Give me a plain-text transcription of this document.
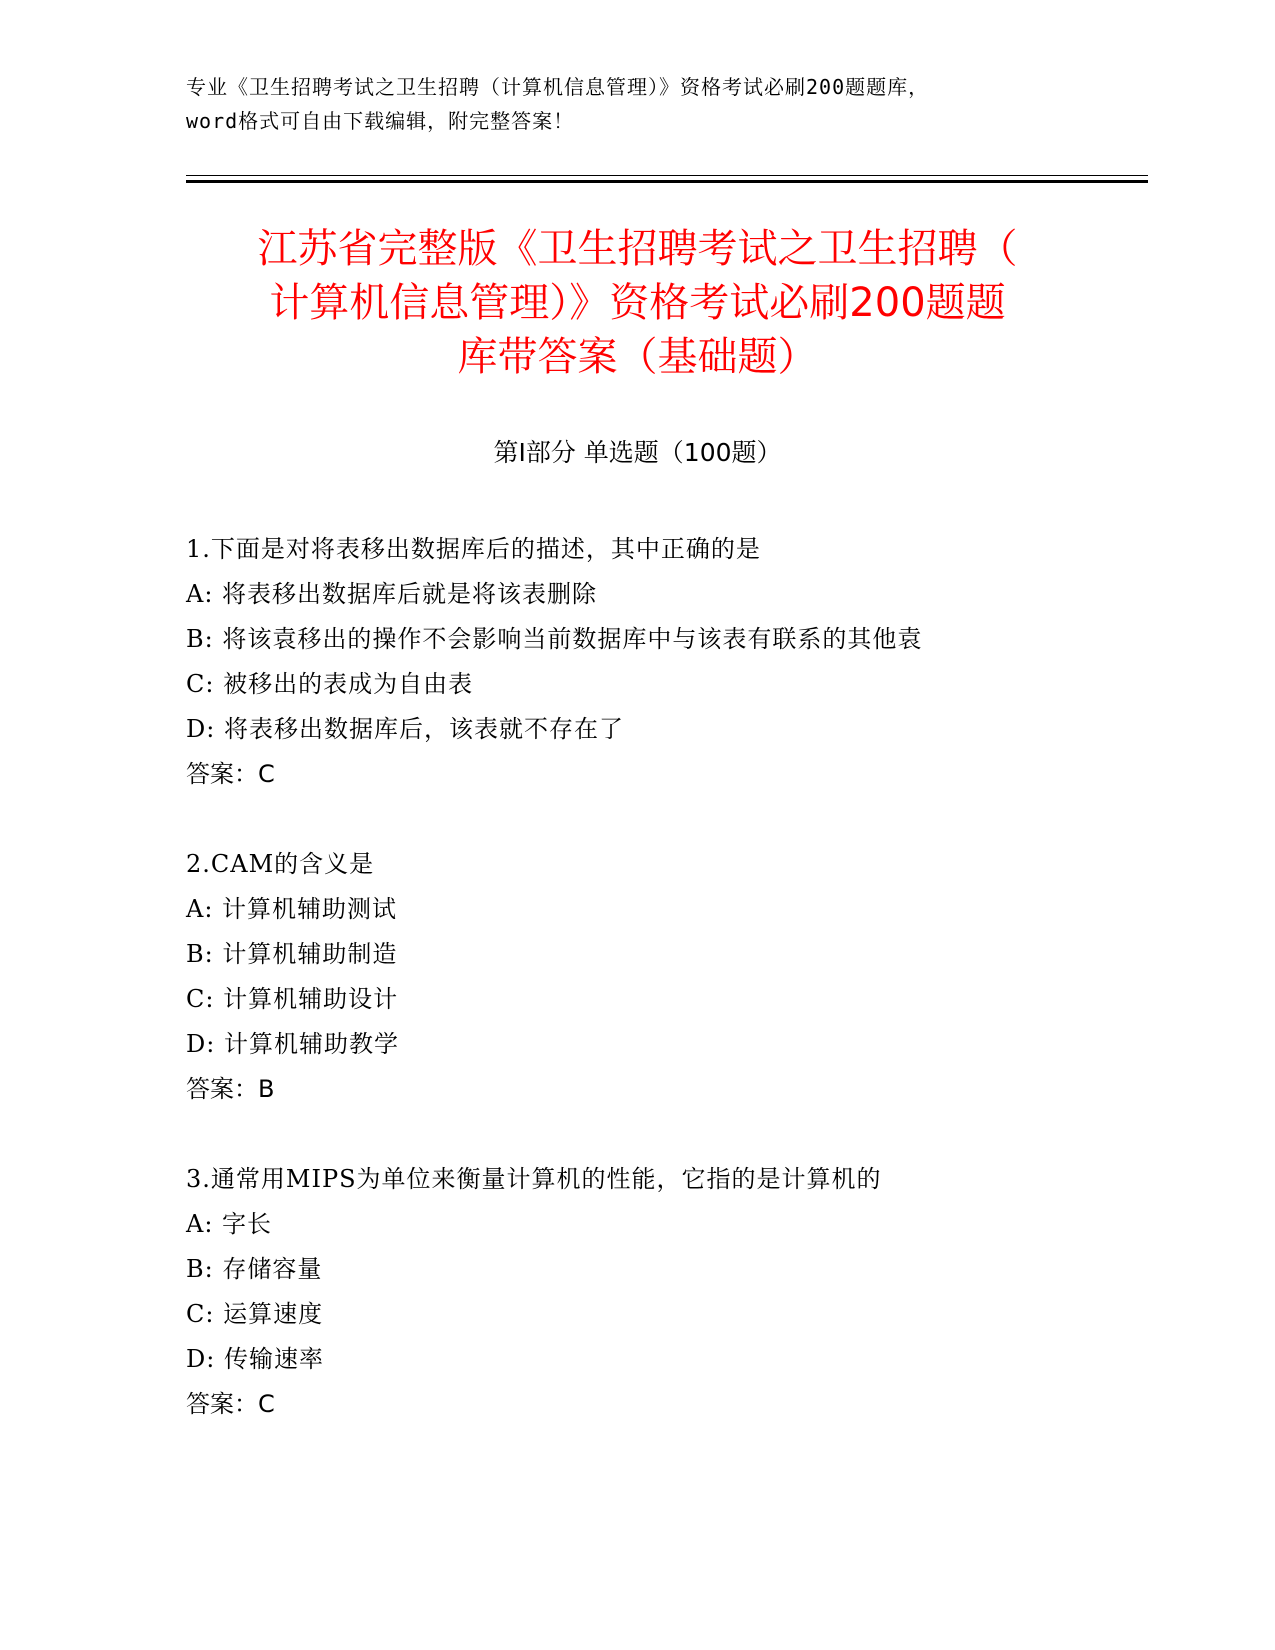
专业《卫生招聘考试之卫生招聘（计算机信息管理）》资格考试必刷200题题库，
word格式可自由下载编辑，附完整答案！
江苏省完整版《卫生招聘考试之卫生招聘（
计算机信息管理）》资格考试必刷200题题
库带答案（基础题）
第Ⅰ部分 单选题（100题）
1.下面是对将表移出数据库后的描述，其中正确的是
A: 将表移出数据库后就是将该表删除
B: 将该袁移出的操作不会影响当前数据库中与该表有联系的其他袁
C: 被移出的表成为自由表
D: 将表移出数据库后，该表就不存在了
答案：C
2.CAM的含义是
A: 计算机辅助测试
B: 计算机辅助制造
C: 计算机辅助设计
D: 计算机辅助教学
答案：B
3.通常用MIPS为单位来衡量计算机的性能，它指的是计算机的
A: 字长
B: 存储容量
C: 运算速度
D: 传输速率
答案：C
